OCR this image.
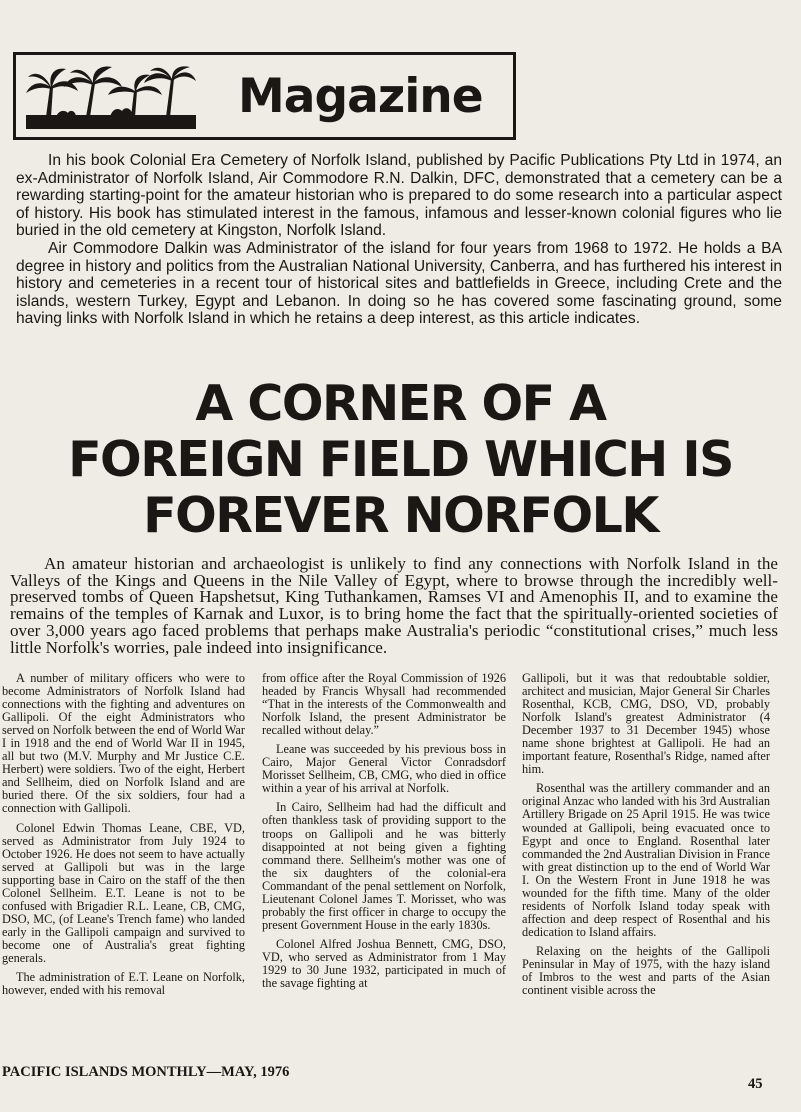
Magazine

In his book Colonial Era Cemetery of Norfolk Island, published by Pacific Publications Pty Ltd in 1974, an ex-Administrator of Norfolk Island, Air Commodore R.N. Dalkin, DFC, demonstrated that a cemetery can be a rewarding starting-point for the amateur historian who is prepared to do some research into a particular aspect of history. His book has stimulated interest in the famous, infamous and lesser-known colonial figures who lie buried in the old cemetery at Kingston, Norfolk Island.

Air Commodore Dalkin was Administrator of the island for four years from 1968 to 1972. He holds a BA degree in history and politics from the Australian National University, Canberra, and has furthered his interest in history and cemeteries in a recent tour of historical sites and battlefields in Greece, including Crete and the islands, western Turkey, Egypt and Lebanon. In doing so he has covered some fascinating ground, some having links with Norfolk Island in which he retains a deep interest, as this article indicates.

A CORNER OF A
FOREIGN FIELD WHICH IS
FOREVER NORFOLK

An amateur historian and archaeologist is unlikely to find any connections with Norfolk Island in the Valleys of the Kings and Queens in the Nile Valley of Egypt, where to browse through the incredibly well-preserved tombs of Queen Hapshetsut, King Tuthankamen, Ramses VI and Amenophis II, and to examine the remains of the temples of Karnak and Luxor, is to bring home the fact that the spiritually-oriented societies of over 3,000 years ago faced problems that perhaps make Australia's periodic “constitutional crises,” much less little Norfolk's worries, pale indeed into insignificance.

A number of military officers who were to become Administrators of Norfolk Island had connections with the fighting and adventures on Gallipoli. Of the eight Administrators who served on Norfolk between the end of World War I in 1918 and the end of World War II in 1945, all but two (M.V. Murphy and Mr Justice C.E. Herbert) were soldiers. Two of the eight, Herbert and Sellheim, died on Norfolk Island and are buried there. Of the six soldiers, four had a connection with Gallipoli.

Colonel Edwin Thomas Leane, CBE, VD, served as Administrator from July 1924 to October 1926. He does not seem to have actually served at Gallipoli but was in the large supporting base in Cairo on the staff of the then Colonel Sellheim. E.T. Leane is not to be confused with Brigadier R.L. Leane, CB, CMG, DSO, MC, (of Leane's Trench fame) who landed early in the Gallipoli campaign and survived to become one of Australia's great fighting generals.

The administration of E.T. Leane on Norfolk, however, ended with his removal

from office after the Royal Commission of 1926 headed by Francis Whysall had recommended “That in the interests of the Commonwealth and Norfolk Island, the present Administrator be recalled without delay.”

Leane was succeeded by his previous boss in Cairo, Major General Victor Conradsdorf Morisset Sellheim, CB, CMG, who died in office within a year of his arrival at Norfolk.

In Cairo, Sellheim had had the difficult and often thankless task of providing support to the troops on Gallipoli and he was bitterly disappointed at not being given a fighting command there. Sellheim's mother was one of the six daughters of the colonial-era Commandant of the penal settlement on Norfolk, Lieutenant Colonel James T. Morisset, who was probably the first officer in charge to occupy the present Government House in the early 1830s.

Colonel Alfred Joshua Bennett, CMG, DSO, VD, who served as Administrator from 1 May 1929 to 30 June 1932, participated in much of the savage fighting at

Gallipoli, but it was that redoubtable soldier, architect and musician, Major General Sir Charles Rosenthal, KCB, CMG, DSO, VD, probably Norfolk Island's greatest Administrator (4 December 1937 to 31 December 1945) whose name shone brightest at Gallipoli. He had an important feature, Rosenthal's Ridge, named after him.

Rosenthal was the artillery commander and an original Anzac who landed with his 3rd Australian Artillery Brigade on 25 April 1915. He was twice wounded at Gallipoli, being evacuated once to Egypt and once to England. Rosenthal later commanded the 2nd Australian Division in France with great distinction up to the end of World War I. On the Western Front in June 1918 he was wounded for the fifth time. Many of the older residents of Norfolk Island today speak with affection and deep respect of Rosenthal and his dedication to Island affairs.

Relaxing on the heights of the Gallipoli Peninsular in May of 1975, with the hazy island of Imbros to the west and parts of the Asian continent visible across the

PACIFIC ISLANDS MONTHLY—MAY, 1976
45
